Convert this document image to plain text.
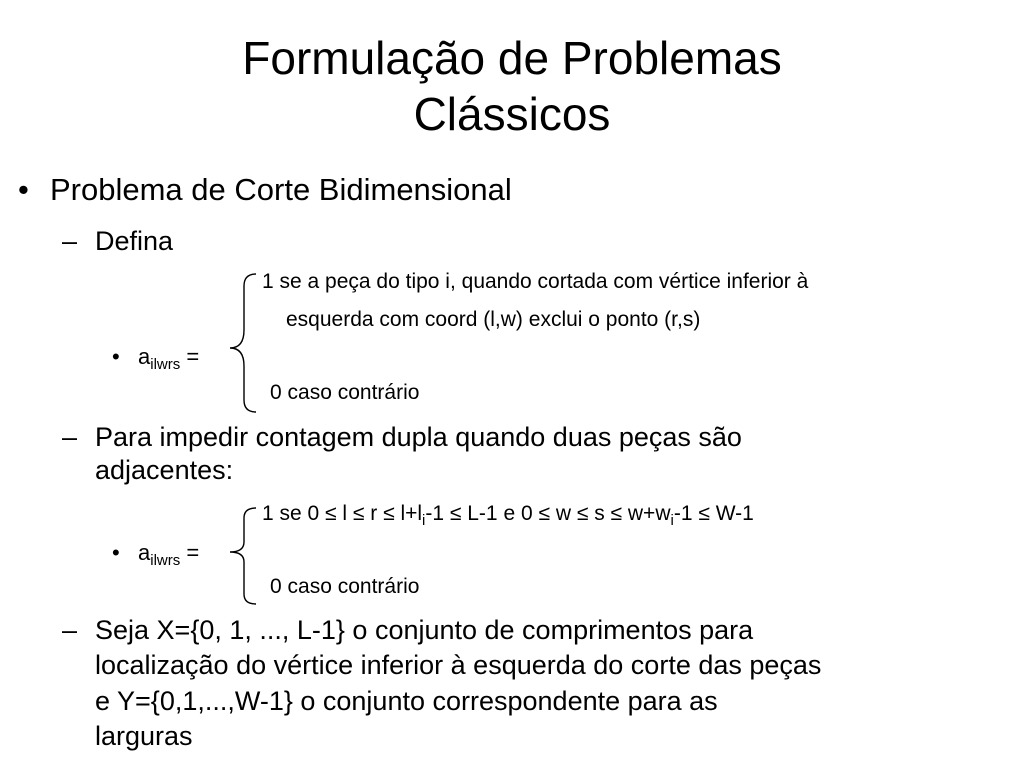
Formulação de Problemas
Clássicos
• Problema de Corte Bidimensional
– Defina
1 se a peça do tipo i, quando cortada com vértice inferior à
esquerda com coord (l,w) exclui o ponto (r,s)
• $a_{ilwrs}$ =
0 caso contrário
– Para impedir contagem dupla quando duas peças são
adjacentes:
1 se $0 \le l \le r \le l+l_i-1 \le L-1$ e $0 \le w \le s \le w+w_i-1 \le W-1$
• $a_{ilwrs}$ =
0 caso contrário
– Seja X={0, 1, ..., L-1} o conjunto de comprimentos para
localização do vértice inferior à esquerda do corte das peças
e Y={0,1,...,W-1} o conjunto correspondente para as
larguras
